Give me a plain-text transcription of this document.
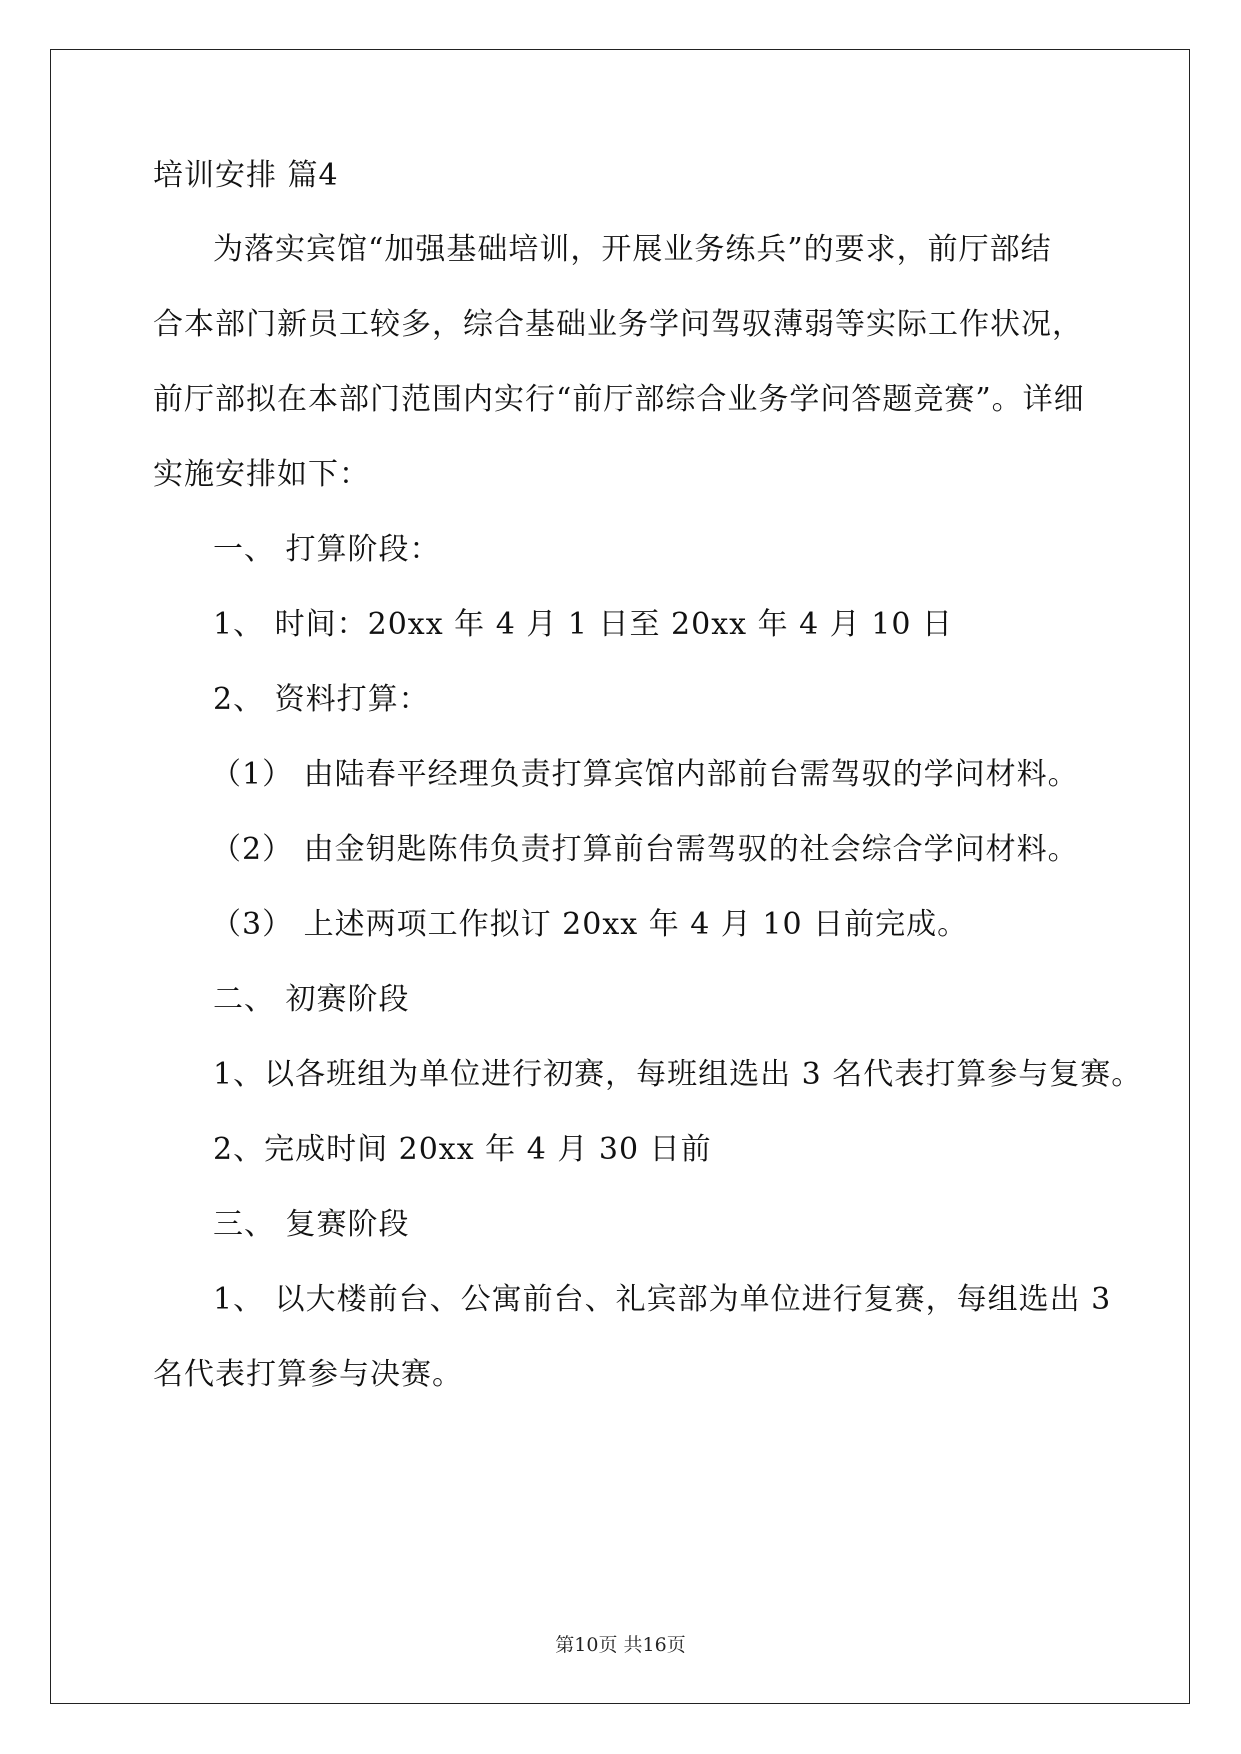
培训安排 篇4
为落实宾馆“加强基础培训，开展业务练兵”的要求，前厅部结
合本部门新员工较多，综合基础业务学问驾驭薄弱等实际工作状况，
前厅部拟在本部门范围内实行“前厅部综合业务学问答题竞赛”。详细
实施安排如下：
一、 打算阶段：
1、 时间：20xx 年 4 月 1 日至 20xx 年 4 月 10 日
2、 资料打算：
（1） 由陆春平经理负责打算宾馆内部前台需驾驭的学问材料。
（2） 由金钥匙陈伟负责打算前台需驾驭的社会综合学问材料。
（3） 上述两项工作拟订 20xx 年 4 月 10 日前完成。
二、 初赛阶段
1、以各班组为单位进行初赛，每班组选出 3 名代表打算参与复赛。
2、完成时间 20xx 年 4 月 30 日前
三、 复赛阶段
1、 以大楼前台、公寓前台、礼宾部为单位进行复赛，每组选出 3
名代表打算参与决赛。
第10页 共16页
